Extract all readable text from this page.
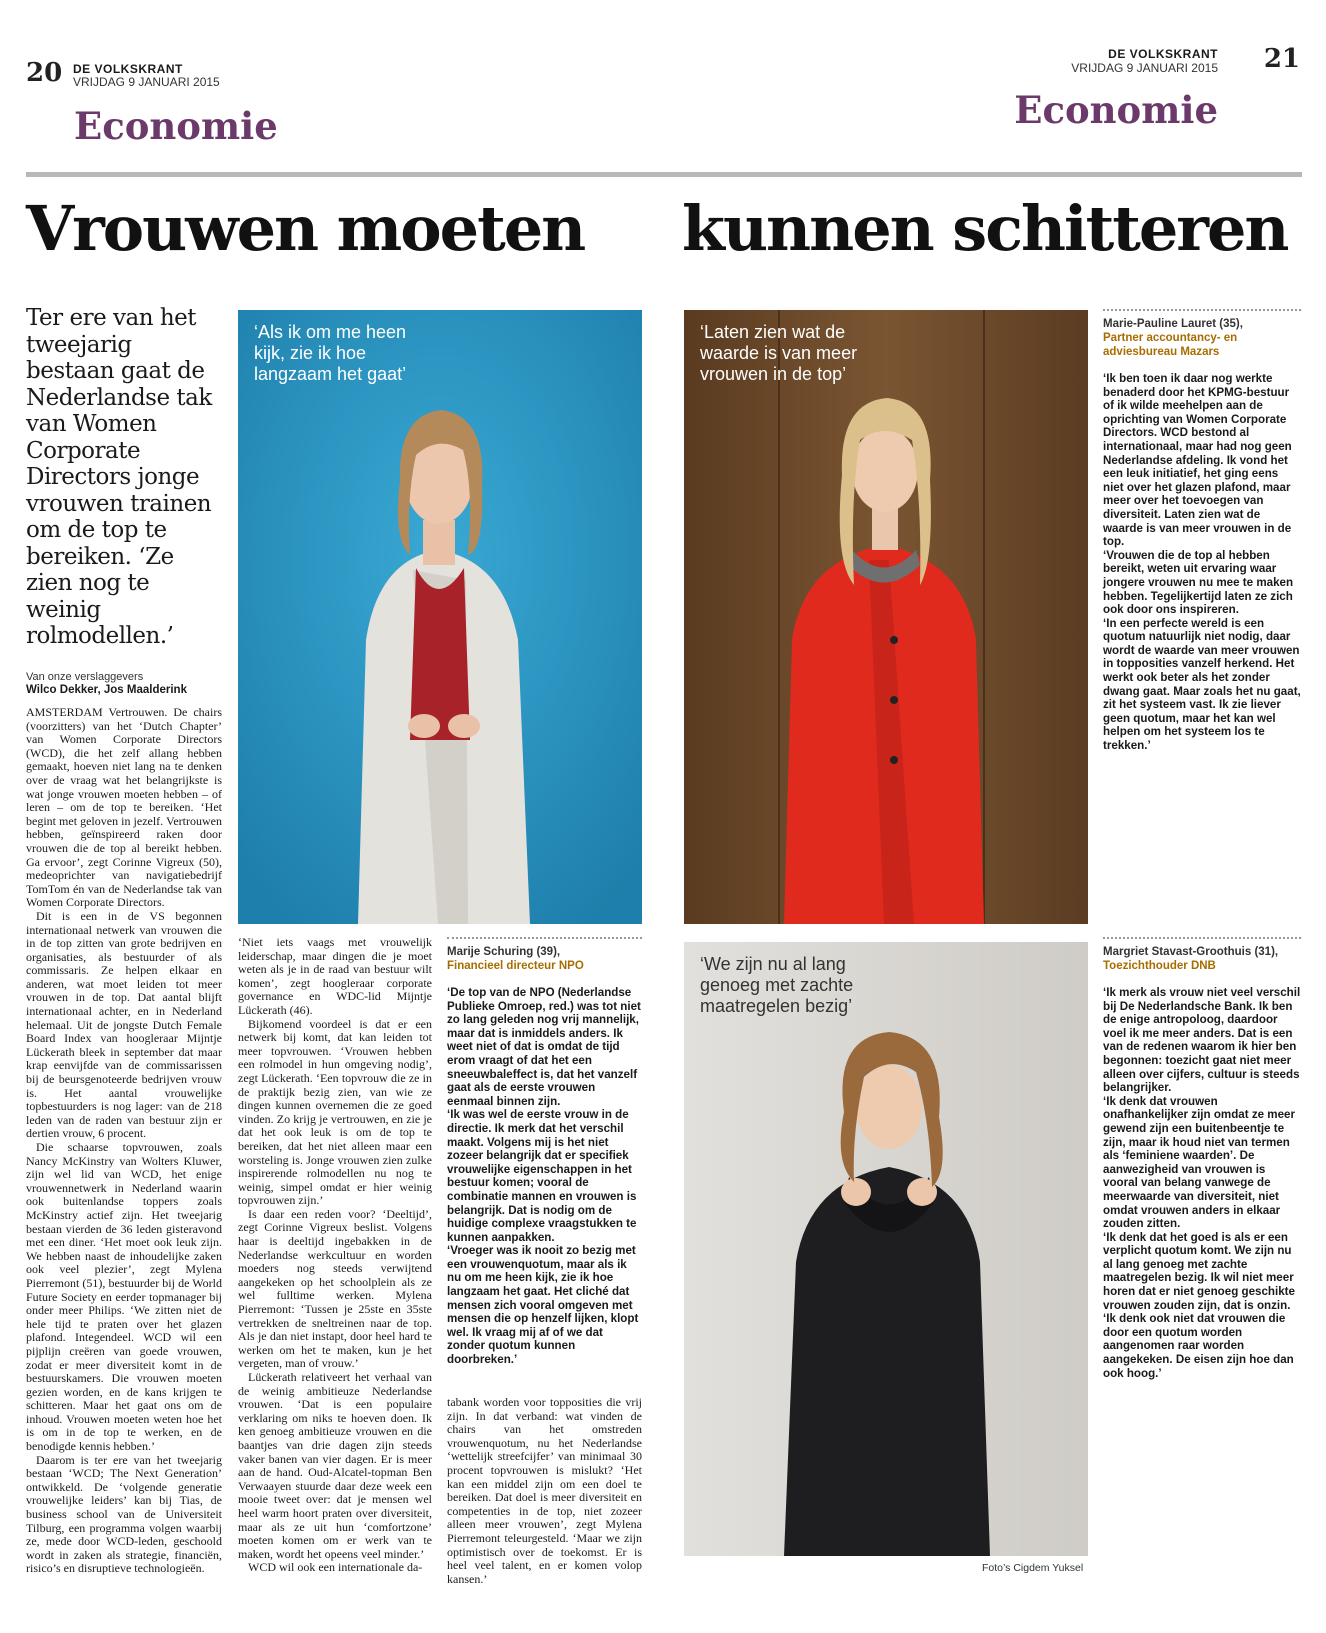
20 DE VOLKSKRANT
VRIJDAG 9 JANUARI 2015
Economie
DE VOLKSKRANT
VRIJDAG 9 JANUARI 2015 21
Economie
Vrouwen moeten kunnen schitteren
Ter ere van het tweejarig bestaan gaat de Nederlandse tak van Women Corporate Directors jonge vrouwen trainen om de top te bereiken. ‘Ze zien nog te weinig rolmodellen.’
Van onze verslaggevers
Wilco Dekker, Jos Maalderink

AMSTERDAM Vertrouwen. De chairs (voorzitters) van het ‘Dutch Chapter’ van Women Corporate Directors (WCD), die het zelf allang hebben gemaakt, hoeven niet lang na te denken over de vraag wat het belangrijkste is wat jonge vrouwen moeten hebben – of leren – om de top te bereiken. ‘Het begint met geloven in jezelf. Vertrouwen hebben, geïnspireerd raken door vrouwen die de top al bereikt hebben. Ga ervoor’, zegt Corinne Vigreux (50), medeoprichter van navigatiebedrijf TomTom én van de Nederlandse tak van Women Corporate Directors.

Dit is een in de VS begonnen internationaal netwerk van vrouwen die in de top zitten van grote bedrijven en organisaties, als bestuurder of als commissaris. Ze helpen elkaar en anderen, wat moet leiden tot meer vrouwen in de top. Dat aantal blijft internationaal achter, en in Nederland helemaal. Uit de jongste Dutch Female Board Index van hoogleraar Mijntje Lückerath bleek in september dat maar krap eenvijfde van de commissarissen bij de beursgenoteerde bedrijven vrouw is. Het aantal vrouwelijke topbestuurders is nog lager: van de 218 leden van de raden van bestuur zijn er dertien vrouw, 6 procent.

Die schaarse topvrouwen, zoals Nancy McKinstry van Wolters Kluwer, zijn wel lid van WCD, het enige vrouwennetwerk in Nederland waarin ook buitenlandse toppers zoals McKinstry actief zijn. Het tweejarig bestaan vierden de 36 leden gisteravond met een diner. ‘Het moet ook leuk zijn. We hebben naast de inhoudelijke zaken ook veel plezier’, zegt Mylena Pierremont (51), bestuurder bij de World Future Society en eerder topmanager bij onder meer Philips. ‘We zitten niet de hele tijd te praten over het glazen plafond. Integendeel. WCD wil een pijplijn creëren van goede vrouwen, zodat er meer diversiteit komt in de bestuurskamers. Die vrouwen moeten gezien worden, en de kans krijgen te schitteren. Maar het gaat ons om de inhoud. Vrouwen moeten weten hoe het is om in de top te werken, en de benodigde kennis hebben.’

Daarom is ter ere van het tweejarig bestaan ‘WCD; The Next Generation’ ontwikkeld. De ‘volgende generatie vrouwelijke leiders’ kan bij Tias, de business school van de Universiteit Tilburg, een programma volgen waarbij ze, mede door WCD-leden, geschoold wordt in zaken als strategie, financiën, risico’s en disruptieve technologieën.

‘Als ik om me heen kijk, zie ik hoe langzaam het gaat’

‘Niet iets vaags met vrouwelijk leiderschap, maar dingen die je moet weten als je in de raad van bestuur wilt komen’, zegt hoogleraar corporate governance en WDC-lid Mijntje Lückerath (46).

Bijkomend voordeel is dat er een netwerk bij komt, dat kan leiden tot meer topvrouwen. ‘Vrouwen hebben een rolmodel in hun omgeving nodig’, zegt Lückerath. ‘Een topvrouw die ze in de praktijk bezig zien, van wie ze dingen kunnen overnemen die ze goed vinden. Zo krijg je vertrouwen, en zie je dat het ook leuk is om de top te bereiken, dat het niet alleen maar een worsteling is. Jonge vrouwen zien zulke inspirerende rolmodellen nu nog te weinig, simpel omdat er hier weinig topvrouwen zijn.’

Is daar een reden voor? ‘Deeltijd’, zegt Corinne Vigreux beslist. Volgens haar is deeltijd ingebakken in de Nederlandse werkcultuur en worden moeders nog steeds verwijtend aangekeken op het schoolplein als ze wel fulltime werken. Mylena Pierremont: ‘Tussen je 25ste en 35ste vertrekken de sneltreinen naar de top. Als je dan niet instapt, door heel hard te werken om het te maken, kun je het vergeten, man of vrouw.’

Lückerath relativeert het verhaal van de weinig ambitieuze Nederlandse vrouwen. ‘Dat is een populaire verklaring om niks te hoeven doen. Ik ken genoeg ambitieuze vrouwen en die baantjes van drie dagen zijn steeds vaker banen van vier dagen. Er is meer aan de hand. Oud-Alcatel-topman Ben Verwaayen stuurde daar deze week een mooie tweet over: dat je mensen wel heel warm hoort praten over diversiteit, maar als ze uit hun ‘comfortzone’ moeten komen om er werk van te maken, wordt het opeens veel minder.’

WCD wil ook een internationale da-

Marije Schuring (39),
Financieel directeur NPO

‘De top van de NPO (Nederlandse Publieke Omroep, red.) was tot niet zo lang geleden nog vrij mannelijk, maar dat is inmiddels anders. Ik weet niet of dat is omdat de tijd erom vraagt of dat het een sneeuwbaleffect is, dat het vanzelf gaat als de eerste vrouwen eenmaal binnen zijn.

‘Ik was wel de eerste vrouw in de directie. Ik merk dat het verschil maakt. Volgens mij is het niet zozeer belangrijk dat er specifiek vrouwelijke eigenschappen in het bestuur komen; vooral de combinatie mannen en vrouwen is belangrijk. Dat is nodig om de huidige complexe vraagstukken te kunnen aanpakken.

‘Vroeger was ik nooit zo bezig met een vrouwenquotum, maar als ik nu om me heen kijk, zie ik hoe langzaam het gaat. Het cliché dat mensen zich vooral omgeven met mensen die op henzelf lijken, klopt wel. Ik vraag mij af of we dat zonder quotum kunnen doorbreken.’

tabank worden voor topposities die vrij zijn. In dat verband: wat vinden de chairs van het omstreden vrouwenquotum, nu het Nederlandse ‘wettelijk streefcijfer’ van minimaal 30 procent topvrouwen is mislukt? ‘Het kan een middel zijn om een doel te bereiken. Dat doel is meer diversiteit en competenties in de top, niet zozeer alleen meer vrouwen’, zegt Mylena Pierremont teleurgesteld. ‘Maar we zijn optimistisch over de toekomst. Er is heel veel talent, en er komen volop kansen.’

‘Laten zien wat de waarde is van meer vrouwen in de top’
Marie-Pauline Lauret (35),
Partner accountancy- en adviesbureau Mazars

‘Ik ben toen ik daar nog werkte benaderd door het KPMG-bestuur of ik wilde meehelpen aan de oprichting van Women Corporate Directors. WCD bestond al internationaal, maar had nog geen Nederlandse afdeling. Ik vond het een leuk initiatief, het ging eens niet over het glazen plafond, maar meer over het toevoegen van diversiteit. Laten zien wat de waarde is van meer vrouwen in de top.

‘Vrouwen die de top al hebben bereikt, weten uit ervaring waar jongere vrouwen nu mee te maken hebben. Tegelijkertijd laten ze zich ook door ons inspireren.

‘In een perfecte wereld is een quotum natuurlijk niet nodig, daar wordt de waarde van meer vrouwen in topposities vanzelf herkend. Het werkt ook beter als het zonder dwang gaat. Maar zoals het nu gaat, zit het systeem vast. Ik zie liever geen quotum, maar het kan wel helpen om het systeem los te trekken.’

‘We zijn nu al lang genoeg met zachte maatregelen bezig’
Foto’s Cigdem Yuksel
Margriet Stavast-Groothuis (31),
Toezichthouder DNB

‘Ik merk als vrouw niet veel verschil bij De Nederlandsche Bank. Ik ben de enige antropoloog, daardoor voel ik me meer anders. Dat is een van de redenen waarom ik hier ben begonnen: toezicht gaat niet meer alleen over cijfers, cultuur is steeds belangrijker.

‘Ik denk dat vrouwen onafhankelijker zijn omdat ze meer gewend zijn een buitenbeentje te zijn, maar ik houd niet van termen als ‘feminiene waarden’. De aanwezigheid van vrouwen is vooral van belang vanwege de meerwaarde van diversiteit, niet omdat vrouwen anders in elkaar zouden zitten.

‘Ik denk dat het goed is als er een verplicht quotum komt. We zijn nu al lang genoeg met zachte maatregelen bezig. Ik wil niet meer horen dat er niet genoeg geschikte vrouwen zouden zijn, dat is onzin.

‘Ik denk ook niet dat vrouwen die door een quotum worden aangenomen raar worden aangekeken. De eisen zijn hoe dan ook hoog.’
